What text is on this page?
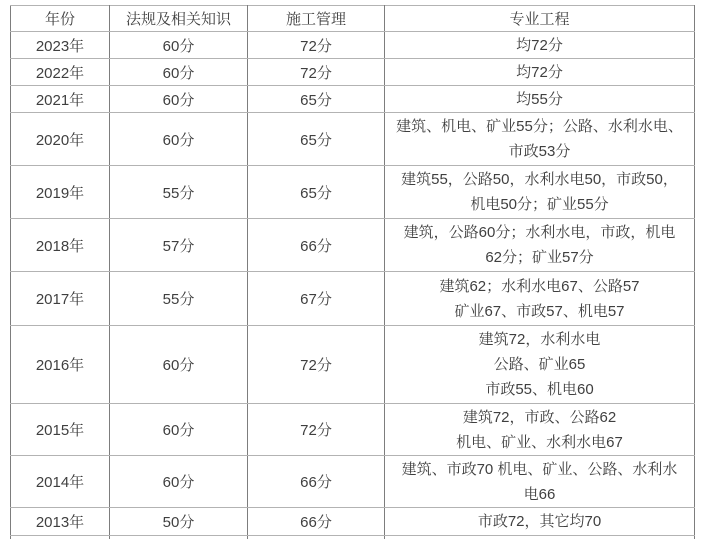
年份	法规及相关知识	施工管理	专业工程
2023年	60分	72分	均72分

2022年	60分	72分	均72分

2021年	60分	65分	均55分

2020年	60分	65分	建筑、机电、矿业55分；公路、水利水电、
市政53分

2019年	55分	65分	建筑55，公路50，水利水电50，市政50，
机电50分；矿业55分

2018年	57分	66分	建筑，公路60分；水利水电，市政，机电
62分；矿业57分

2017年	55分	67分	建筑62；水利水电67、公路57
矿业67、市政57、机电57

2016年	60分	72分	建筑72，水利水电
公路、矿业65
市政55、机电60

2015年	60分	72分	建筑72，市政、公路62
机电、矿业、水利水电67

2014年	60分	66分	建筑、市政70 机电、矿业、公路、水利水
电66

2013年	50分	66分	市政72，其它均70
